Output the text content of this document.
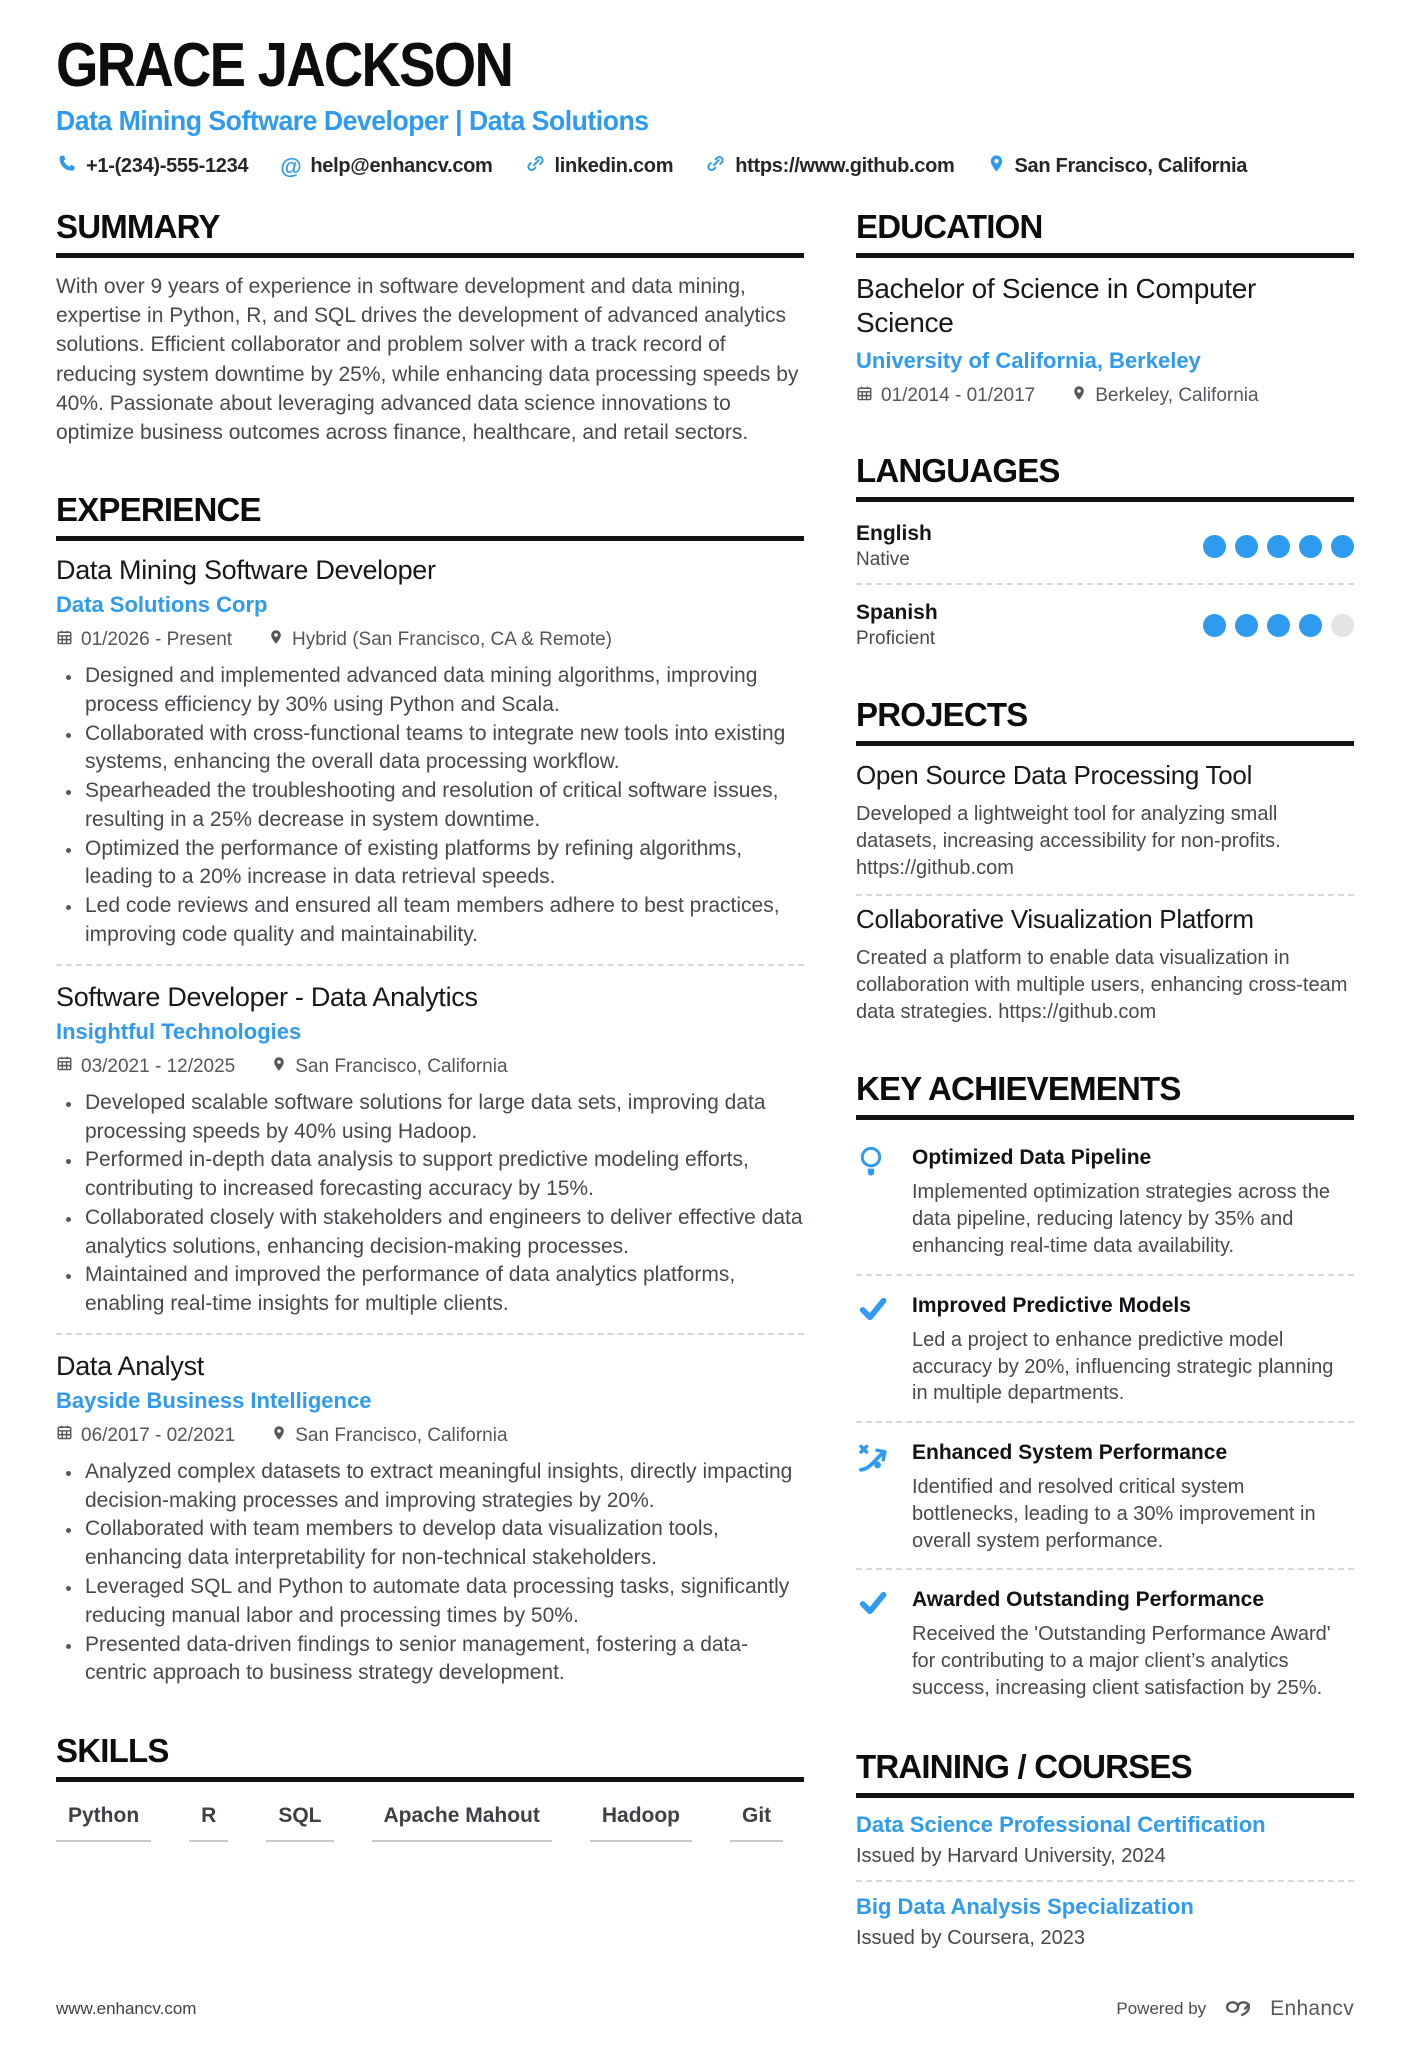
GRACE JACKSON
Data Mining Software Developer | Data Solutions
+1-(234)-555-1234 @ help@enhancv.com	linkedin.com	https://www.github.com	San Francisco, California
SUMMARY

With over 9 years of experience in software development and data mining, expertise in Python, R, and SQL drives the development of advanced analytics solutions. Efficient collaborator and problem solver with a track record of reducing system downtime by 25%, while enhancing data processing speeds by 40%. Passionate about leveraging advanced data science innovations to optimize business outcomes across finance, healthcare, and retail sectors.

EXPERIENCE
Data Mining Software Developer
Data Solutions Corp
01/2026 - Present	Hybrid (San Francisco, CA & Remote)
• Designed and implemented advanced data mining algorithms, improving process efficiency by 30% using Python and Scala.
• Collaborated with cross-functional teams to integrate new tools into existing systems, enhancing the overall data processing workflow.
• Spearheaded the troubleshooting and resolution of critical software issues, resulting in a 25% decrease in system downtime.
• Optimized the performance of existing platforms by refining algorithms, leading to a 20% increase in data retrieval speeds.
• Led code reviews and ensured all team members adhere to best practices, improving code quality and maintainability.
Software Developer - Data Analytics
Insightful Technologies
03/2021 - 12/2025	San Francisco, California
• Developed scalable software solutions for large data sets, improving data processing speeds by 40% using Hadoop.
• Performed in-depth data analysis to support predictive modeling efforts, contributing to increased forecasting accuracy by 15%.
• Collaborated closely with stakeholders and engineers to deliver effective data analytics solutions, enhancing decision-making processes.
• Maintained and improved the performance of data analytics platforms, enabling real-time insights for multiple clients.
Data Analyst
Bayside Business Intelligence
06/2017 - 02/2021	San Francisco, California
• Analyzed complex datasets to extract meaningful insights, directly impacting decision-making processes and improving strategies by 20%.
• Collaborated with team members to develop data visualization tools, enhancing data interpretability for non-technical stakeholders.
• Leveraged SQL and Python to automate data processing tasks, significantly reducing manual labor and processing times by 50%.
• Presented data-driven findings to senior management, fostering a data-centric approach to business strategy development.
SKILLS
Python	R	SQL	Apache Mahout	Hadoop	Git
EDUCATION
Bachelor of Science in Computer Science
University of California, Berkeley
01/2014 - 01/2017	Berkeley, California
LANGUAGES

English

Native

Spanish

Proficient

PROJECTS
Open Source Data Processing Tool

Developed a lightweight tool for analyzing small datasets, increasing accessibility for non-profits. https://github.com

Collaborative Visualization Platform

Created a platform to enable data visualization in collaboration with multiple users, enhancing cross-team data strategies. https://github.com

KEY ACHIEVEMENTS

Optimized Data Pipeline

Implemented optimization strategies across the data pipeline, reducing latency by 35% and enhancing real-time data availability.

Improved Predictive Models

Led a project to enhance predictive model accuracy by 20%, influencing strategic planning in multiple departments.

Enhanced System Performance

Identified and resolved critical system bottlenecks, leading to a 30% improvement in overall system performance.

Awarded Outstanding Performance

Received the 'Outstanding Performance Award' for contributing to a major client’s analytics success, increasing client satisfaction by 25%.

TRAINING / COURSES
Data Science Professional Certification

Issued by Harvard University, 2024

Big Data Analysis Specialization

Issued by Coursera, 2023

www.enhancv.com	Powered by	Enhancv
